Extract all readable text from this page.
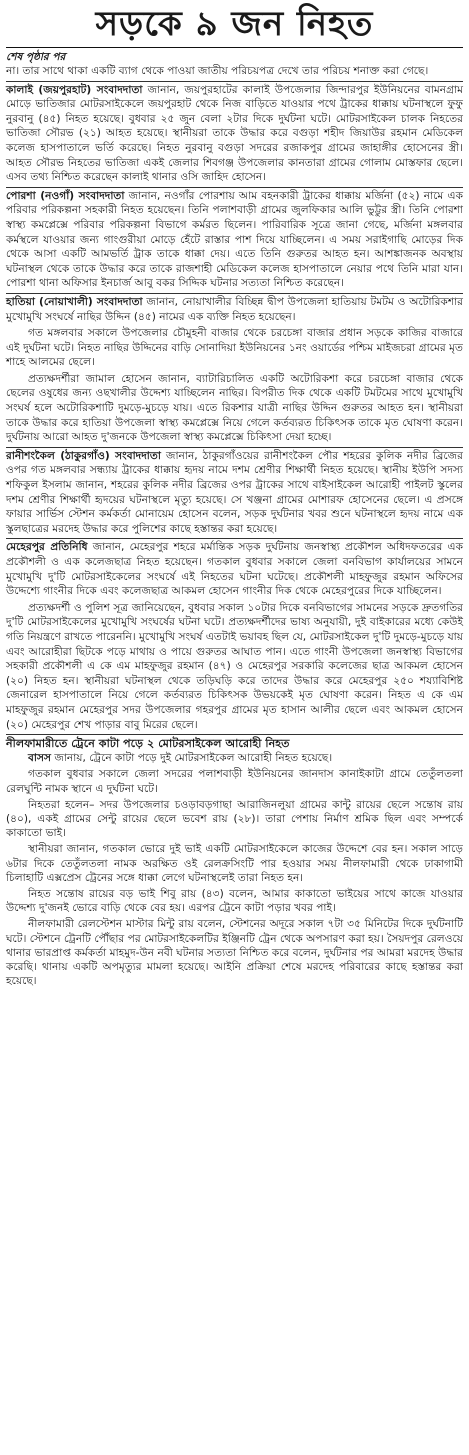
সড়কে ৯ জন নিহত

শেষ পৃষ্ঠার পর

না। তার সাথে থাকা একটি ব্যাগ থেকে পাওয়া জাতীয় পরিচয়পত্র দেখে তার পরিচয় শনাক্ত করা গেছে।

কালাই (জয়পুরহাট) সংবাদদাতা জানান, জয়পুরহাটের কালাই উপজেলার জিন্দারপুর ইউনিয়নের বামনগ্রাম মোড়ে ভাতিজার মোটরসাইকেলে জয়পুরহাট থেকে নিজ বাড়িতে যাওয়ার পথে ট্রাকের ধাক্কায় ঘটনাস্থলে ফুফু নুরবানু (৪৫) নিহত হয়েছে। বুধবার ২৫ জুন বেলা ২টার দিকে দুর্ঘটনা ঘটে। মোটরসাইকেল চালক নিহতের ভাতিজা সৌরভ (২১) আহত হয়েছে। স্থানীয়রা তাকে উদ্ধার করে বগুড়া শহীদ জিয়াউর রহমান মেডিকেল কলেজ হাসপাতালে ভর্তি করেছে। নিহত নুরবানু বগুড়া সদরের রজাকপুর গ্রামের জাহাঙ্গীর হোসেনের স্ত্রী। আহত সৌরভ নিহতের ভাতিজা একই জেলার শিবগঞ্জ উপজেলার কানতারা গ্রামের গোলাম মোস্তফার ছেলে। এসব তথ্য নিশ্চিত করেছেন কালাই থানার ওসি জাহিদ হোসেন।

পোরশা (নওগাঁ) সংবাদদাতা জানান, নওগাঁর পোরশায় আম বহনকারী ট্রাকের ধাক্কায় মর্জিনা (৫২) নামে এক পরিবার পরিকল্পনা সহকারী নিহত হয়েছেন। তিনি পলাশবাড়ী গ্রামের জুলফিকার আলি ভুট্টুর স্ত্রী। তিনি পোরশা স্বাস্থ্য কমপ্লেক্সে পরিবার পরিকল্পনা বিভাগে কর্মরত ছিলেন। পারিবারিক সূত্রে জানা গেছে, মর্জিনা মঙ্গলবার কর্মস্থলে যাওয়ার জন্য গাংগুরীয়া মোড়ে হেঁটে রাস্তার পাশ দিয়ে যাচ্ছিলেন। এ সময় সরাইগাছি মোড়ের দিক থেকে আসা একটি আমভর্তি ট্রাক তাকে ধাক্কা দেয়। এতে তিনি গুরুতর আহত হন। আশঙ্কাজনক অবস্থায় ঘটনাস্থল থেকে তাকে উদ্ধার করে তাকে রাজশাহী মেডিকেল কলেজ হাসপাতালে নেয়ার পথে তিনি মারা যান। পোরশা থানা অফিসার ইনচার্জ আবু বকর সিদ্দিক ঘটনার সত্যতা নিশ্চিত করেছেন।

হাতিয়া (নোয়াখালী) সংবাদদাতা জানান, নোয়াখালীর বিচ্ছিন্ন দ্বীপ উপজেলা হাতিয়ায় টমটম ও অটোরিকশার মুখোমুখি সংঘর্ষে নাছির উদ্দিন (৪৫) নামের এক ব্যক্তি নিহত হয়েছেন।

গত মঙ্গলবার সকালে উপজেলার চৌমুহনী বাজার থেকে চরচেঙ্গা বাজার প্রধান সড়কে কাজির বাজারে এই দুর্ঘটনা ঘটে। নিহত নাছির উদ্দিনের বাড়ি সোনাদিয়া ইউনিয়নের ১নং ওয়ার্ডের পশ্চিম মাইজচরা গ্রামের মৃত শাহে আলমের ছেলে।

প্রত্যক্ষদর্শীরা জামাল হোসেন জানান, ব্যাটারিচালিত একটি অটোরিকশা করে চরচেঙ্গা বাজার থেকে ছেলের ওষুধের জন্য ওছখালীর উদ্দেশ্য যাচ্ছিলেন নাছির। বিপরীত দিক থেকে একটি টমটমের সাথে মুখোমুখি সংঘর্ষ হলে অটোরিকশাটি দুমড়ে-মুচড়ে যায়। এতে রিকশার যাত্রী নাছির উদ্দিন গুরুতর আহত হন। স্থানীয়রা তাকে উদ্ধার করে হাতিয়া উপজেলা স্বাস্থ্য কমপ্লেক্সে নিয়ে গেলে কর্তব্যরত চিকিৎসক তাকে মৃত ঘোষণা করেন। দুর্ঘটনায় আরো আহত দু'জনকে উপজেলা স্বাস্থ্য কমপ্লেক্সে চিকিৎসা দেয়া হচ্ছে।

রানীশংকৈল (ঠাকুরগাঁও) সংবাদদাতা জানান, ঠাকুরগাঁওয়ের রানীশংকৈল পৌর শহরের কুলিক নদীর ব্রিজের ওপর গত মঙ্গলবার সন্ধ্যায় ট্রাকের ধাক্কায় হৃদয় নামে দশম শ্রেণীর শিক্ষার্থী নিহত হয়েছে। স্থানীয় ইউপি সদস্য শফিকুল ইসলাম জানান, শহরের কুলিক নদীর ব্রিজের ওপর ট্রাকের সাথে বাইসাইকেল আরোহী পাইলট স্কুলের দশম শ্রেণীর শিক্ষার্থী হৃদয়ের ঘটনাস্থলে মৃত্যু হয়েছে। সে খঞ্জনা গ্রামের মোশারফ হোসেনের ছেলে। এ প্রসঙ্গে ফায়ার সার্ভিস স্টেশন কর্মকর্তা মোনায়েম হোসেন বলেন, সড়ক দুর্ঘটনার খবর শুনে ঘটনাস্থলে হৃদয় নামে এক স্কুলছাত্রের মরদেহ উদ্ধার করে পুলিশের কাছে হস্তান্তর করা হয়েছে।

মেহেরপুর প্রতিনিধি জানান, মেহেরপুর শহরে মর্মান্তিক সড়ক দুর্ঘটনায় জনস্বাস্থ্য প্রকৌশল অধিদফতরের এক প্রকৌশলী ও এক কলেজছাত্র নিহত হয়েছেন। গতকাল বুধবার সকালে জেলা বনবিভাগ কার্যালয়ের সামনে মুখোমুখি দু'টি মোটরসাইকেলের সংঘর্ষে এই নিহতের ঘটনা ঘটেছে। প্রকৌশলী মাহফুজুর রহমান অফিসের উদ্দেশ্যে গাংনীর দিকে এবং কলেজছাত্র আকমল হোসেন গাংনীর দিক থেকে মেহেরপুরের দিকে যাচ্ছিলেন।

প্রত্যক্ষদর্শী ও পুলিশ সূত্র জানিয়েছেন, বুধবার সকাল ১০টার দিকে বনবিভাগের সামনের সড়কে দ্রুতগতির দু'টি মোটরসাইকেলের মুখোমুখি সংঘর্ষের ঘটনা ঘটে। প্রত্যক্ষদর্শীদের ভাষ্য অনুযায়ী, দুই বাইকারের মধ্যে কেউই গতি নিয়ন্ত্রণে রাখতে পারেননি। মুখোমুখি সংঘর্ষ এতটাই ভয়াবহ ছিল যে, মোটরসাইকেল দু'টি দুমড়ে-মুচড়ে যায় এবং আরোহীরা ছিটকে পড়ে মাথায় ও পায়ে গুরুতর আঘাত পান। এতে গাংনী উপজেলা জনস্বাস্থ্য বিভাগের সহকারী প্রকৌশলী এ কে এম মাহফুজুর রহমান (৪৭) ও মেহেরপুর সরকারি কলেজের ছাত্র আকমল হোসেন (২০) নিহত হন। স্থানীয়রা ঘটনাস্থল থেকে তড়িঘড়ি করে তাদের উদ্ধার করে মেহেরপুর ২৫০ শয্যাবিশিষ্ট জেনারেল হাসপাতালে নিয়ে গেলে কর্তব্যরত চিকিৎসক উভয়কেই মৃত ঘোষণা করেন। নিহত এ কে এম মাহফুজুর রহমান মেহেরপুর সদর উপজেলার গহরপুর গ্রামের মৃত হাসান আলীর ছেলে এবং আকমল হোসেন (২০) মেহেরপুর শেখ পাড়ার বাবু মিরের ছেলে।

নীলফামারীতে ট্রেনে কাটা পড়ে ২ মোটরসাইকেল আরোহী নিহত

বাসস জানায়, ট্রেনে কাটা পড়ে দুই মোটরসাইকেল আরোহী নিহত হয়েছে।

গতকাল বুধবার সকালে জেলা সদরের পলাশবাড়ী ইউনিয়নের জানদাস কানাইকাটা গ্রামে তেতুঁলতলা রেলঘুন্টি নামক স্থানে এ দুর্ঘটনা ঘটে।

নিহতরা হলেন– সদর উপজেলার চওড়াবড়গাছা আরাজিনলুয়া গ্রামের কান্টু রায়ের ছেলে সন্তোষ রায় (৪০), একই গ্রামের সেন্টু রায়ের ছেলে ভবেশ রায় (২৮)। তারা পেশায় নির্মাণ শ্রমিক ছিল এবং সম্পর্কে কাকাতো ভাই।

স্থানীয়রা জানান, গতকাল ভোরে দুই ভাই একটি মোটরসাইকেলে কাজের উদ্দেশে বের হন। সকাল সাড়ে ৬টার দিকে তেতুঁলতলা নামক অরক্ষিত ওই রেলক্রসিংটি পার হওয়ার সময় নীলফামারী থেকে ঢাকাগামী চিলাহাটি এক্সপ্রেস ট্রেনের সঙ্গে ধাক্কা লেগে ঘটনাস্থলেই তারা নিহত হন।

নিহত সন্তোষ রায়ের বড় ভাই শিবু রায় (৪৩) বলেন, আমার কাকাতো ভাইয়ের সাথে কাজে যাওয়ার উদ্দেশ্য দু'জনই ভোরে বাড়ি থেকে বের হয়। এরপর ট্রেনে কাটা পড়ার খবর পাই।

নীলফামারী রেলস্টেশন মাস্টার মিন্টু রায় বলেন, স্টেশনের অদূরে সকাল ৭টা ৩৫ মিনিটের দিকে দুর্ঘটনাটি ঘটে। স্টেশনে ট্রেনটি পৌঁছার পর মোটরসাইকেলটির ইঞ্জিনটি ট্রেন থেকে অপসারণ করা হয়। সৈয়দপুর রেলওয়ে থানার ভারপ্রাপ্ত কর্মকর্তা মাহমুদ-উন নবী ঘটনার সত্যতা নিশ্চিত করে বলেন, দুর্ঘটনার পর আমরা মরদেহ উদ্ধার করেছি। থানায় একটি অপমৃত্যুর মামলা হয়েছে। আইনি প্রক্রিয়া শেষে মরদেহ পরিবারের কাছে হস্তান্তর করা হয়েছে।
